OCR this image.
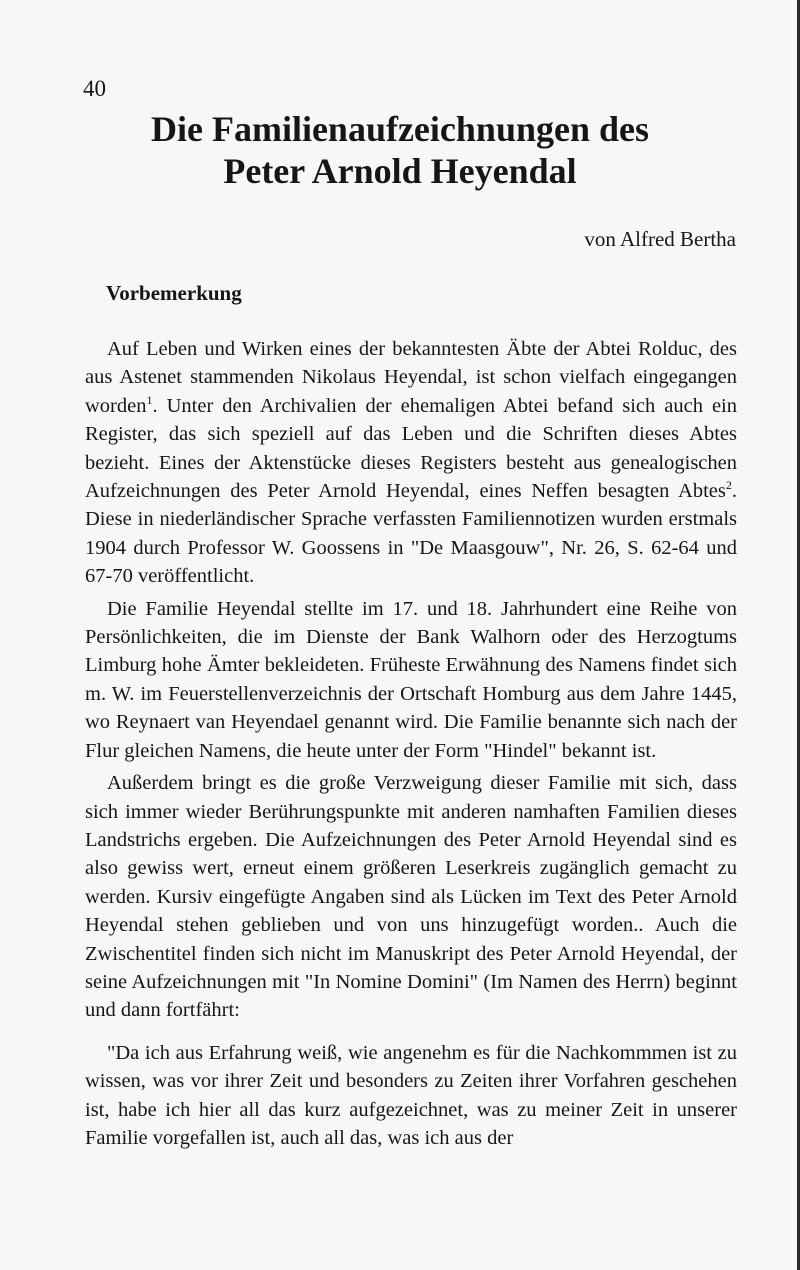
40
Die Familienaufzeichnungen des
Peter Arnold Heyendal
von Alfred Bertha
Vorbemerkung

Auf Leben und Wirken eines der bekanntesten Äbte der Abtei Rolduc, des aus Astenet stammenden Nikolaus Heyendal, ist schon vielfach eingegangen worden$^1$. Unter den Archivalien der ehemaligen Abtei befand sich auch ein Register, das sich speziell auf das Leben und die Schriften dieses Abtes bezieht. Eines der Aktenstücke dieses Registers besteht aus genealogischen Aufzeichnungen des Peter Arnold Heyendal, eines Neffen besagten Abtes$^2$. Diese in niederländischer Sprache verfassten Familiennotizen wurden erstmals 1904 durch Professor W. Goossens in "De Maasgouw", Nr. 26, S. 62-64 und 67-70 veröffentlicht.

Die Familie Heyendal stellte im 17. und 18. Jahrhundert eine Reihe von Persönlichkeiten, die im Dienste der Bank Walhorn oder des Herzogtums Limburg hohe Ämter bekleideten. Früheste Erwähnung des Namens findet sich m. W. im Feuerstellenverzeichnis der Ortschaft Homburg aus dem Jahre 1445, wo Reynaert van Heyendael genannt wird. Die Familie benannte sich nach der Flur gleichen Namens, die heute unter der Form "Hindel" bekannt ist.

Außerdem bringt es die große Verzweigung dieser Familie mit sich, dass sich immer wieder Berührungspunkte mit anderen namhaften Familien dieses Landstrichs ergeben. Die Aufzeichnungen des Peter Arnold Heyendal sind es also gewiss wert, erneut einem größeren Leserkreis zugänglich gemacht zu werden. Kursiv eingefügte Angaben sind als Lücken im Text des Peter Arnold Heyendal stehen geblieben und von uns hinzugefügt worden.. Auch die Zwischentitel finden sich nicht im Manuskript des Peter Arnold Heyendal, der seine Aufzeichnungen mit "In Nomine Domini" (Im Namen des Herrn) beginnt und dann fortfährt:

"Da ich aus Erfahrung weiß, wie angenehm es für die Nachkommmen ist zu wissen, was vor ihrer Zeit und besonders zu Zeiten ihrer Vorfahren geschehen ist, habe ich hier all das kurz aufgezeichnet, was zu meiner Zeit in unserer Familie vorgefallen ist, auch all das, was ich aus der
